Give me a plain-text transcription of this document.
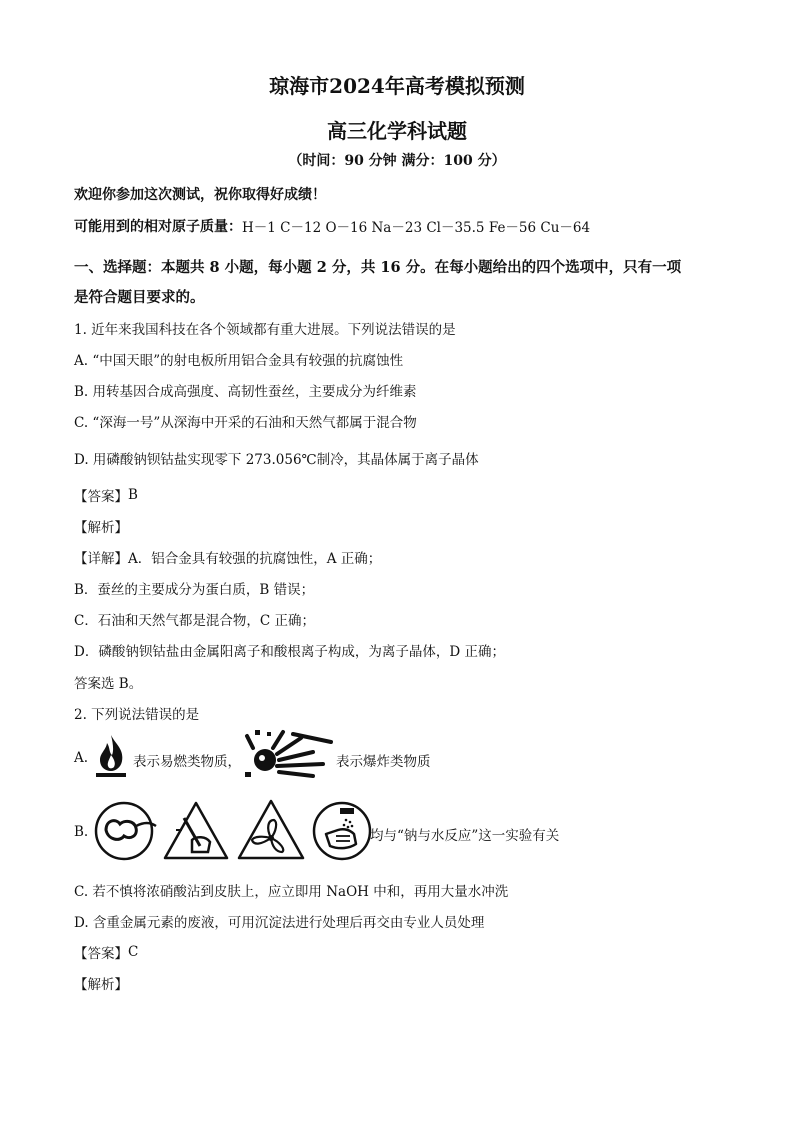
琼海市2024年高考模拟预测
高三化学科试题
（时间：90 分钟 满分：100 分）
欢迎你参加这次测试，祝你取得好成绩！
可能用到的相对原子质量： H－1 C－12 O－16 Na－23 Cl－35.5 Fe－56 Cu－64
一、选择题：本题共 8 小题，每小题 2 分，共 16 分。在每小题给出的四个选项中，只有一项
是符合题目要求的。
1. 近年来我国科技在各个领域都有重大进展。下列说法错误的是
A. “中国天眼”的射电板所用铝合金具有较强的抗腐蚀性
B. 用转基因合成高强度、高韧性蚕丝，主要成分为纤维素
C. “深海一号”从深海中开采的石油和天然气都属于混合物
D. 用磷酸钠钡钴盐实现零下 273.056℃制冷，其晶体属于离子晶体
【答案】 B
【解析】
【详解】 A．铝合金具有较强的抗腐蚀性，A 正确；
B．蚕丝的主要成分为蛋白质，B 错误；
C．石油和天然气都是混合物，C 正确；
D．磷酸钠钡钴盐由金属阳离子和酸根离子构成，为离子晶体，D 正确；
答案选 B。
2. 下列说法错误的是
A.	表示易燃类物质，	表示爆炸类物质
B.	均与“钠与水反应”这一实验有关
C. 若不慎将浓硝酸沾到皮肤上，应立即用 NaOH 中和，再用大量水冲洗
D. 含重金属元素的废液，可用沉淀法进行处理后再交由专业人员处理
【答案】 C
【解析】
